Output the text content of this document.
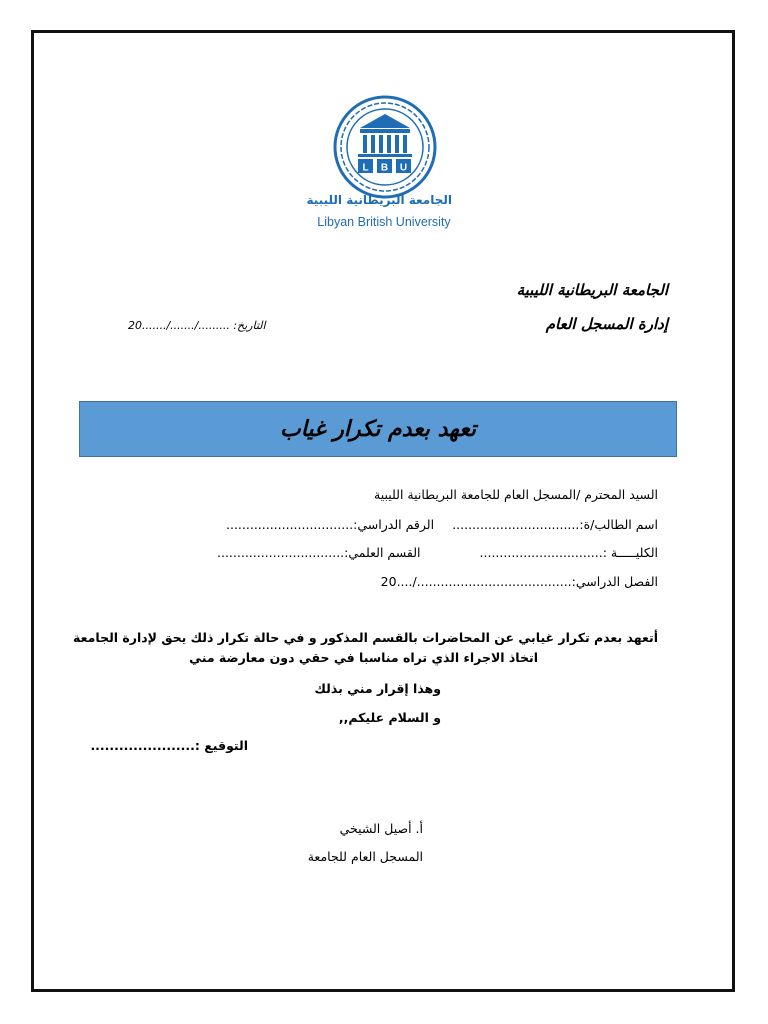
L B U
الجامعة البريطانية الليبية
Libyan British University
الجامعة البريطانية الليبية
إدارة المسجل العام
التاريخ: ........./......./.......20
تعهد بعدم تكرار غياب
السيد المحترم /المسجل العام للجامعة البريطانية الليبية
اسم الطالب/ة:................................
الرقم الدراسي:................................
الكليـــــة :...............................
القسم العلمي:................................
الفصل الدراسي:......................................./....20
أتعهد بعدم تكرار غيابي عن المحاضرات بالقسم المذكور و في حالة تكرار ذلك يحق لإدارة الجامعة
اتخاذ الاجراء الذي تراه مناسبا في حقي دون معارضة مني
وهذا إقرار مني بذلك
و السلام عليكم,,
التوقيع :......................
أ. أصيل الشيخي
المسجل العام للجامعة
